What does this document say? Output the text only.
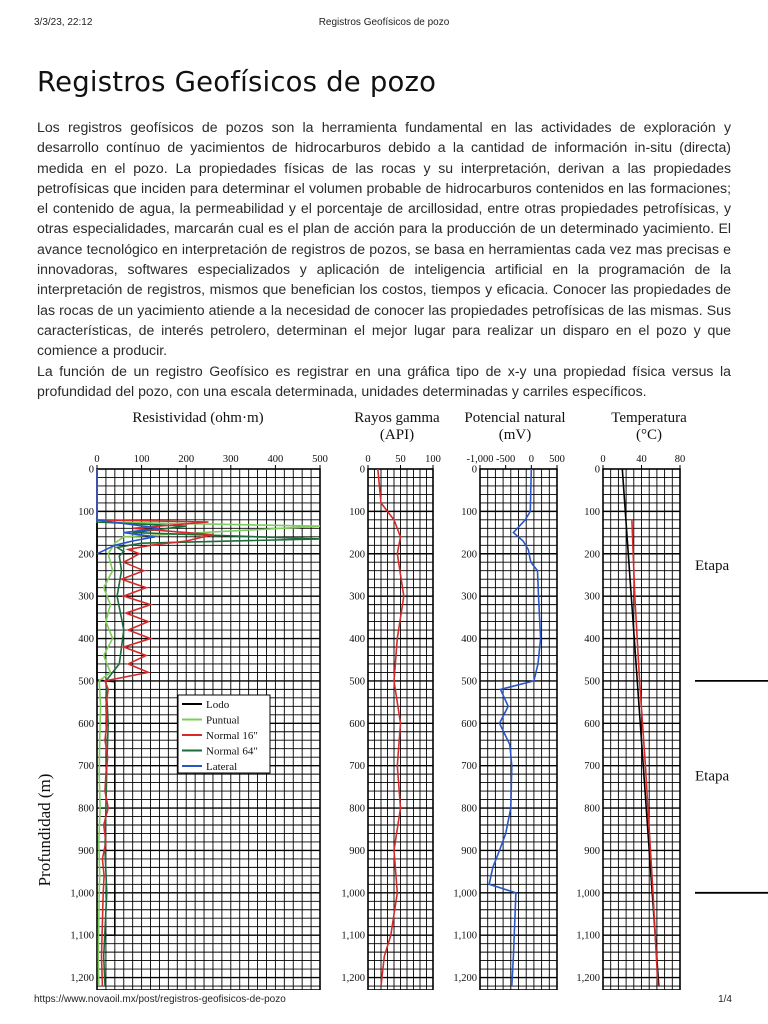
3/3/23, 22:12	Registros Geofísicos de pozo
Registros Geofísicos de pozo

Los registros geofísicos de pozos son la herramienta fundamental en las actividades de exploración y desarrollo contínuo de yacimientos de hidrocarburos debido a la cantidad de información in-situ (directa) medida en el pozo. La propiedades físicas de las rocas y su interpretación, derivan a las propiedades petrofísicas que inciden para determinar el volumen probable de hidrocarburos contenidos en las formaciones; el contenido de agua, la permeabilidad y el porcentaje de arcillosidad, entre otras propiedades petrofísicas, y otras especialidades, marcarán cual es el plan de acción para la producción de un determinado yacimiento. El avance tecnológico en interpretación de registros de pozos, se basa en herramientas cada vez mas precisas e innovadoras, softwares especializados y aplicación de inteligencia artificial en la programación de la interpretación de registros, mismos que benefician los costos, tiempos y eficacia. Conocer las propiedades de las rocas de un yacimiento atiende a la necesidad de conocer las propiedades petrofísicas de las mismas. Sus características, de interés petrolero, determinan el mejor lugar para realizar un disparo en el pozo y que comience a producir.

La función de un registro Geofísico es registrar en una gráfica tipo de x-y una propiedad física versus la profundidad del pozo, con una escala determinada, unidades determinadas y carriles específicos.

Profundidad (m)
Resistividad (ohm·m)
0	100	200	300	400	500
0
100
200
300
400
500
600
700
800
900
1,000
1,100
1,200
Lodo
Puntual
Normal 16"
Normal 64"
Lateral
Rayos gamma
(API)
0 50 100
0
100
200
300
400
500
600
700
800
900
1,000
1,100
1,200
Potencial natural
(mV)
-1,000 -500 0 500
0
100
200
300
400
500
600
700
800
900
1,000
1,100
1,200
Temperatura
(°C)
0	40	80
0
100
200
300
400
500
600
700
800
900
1,000
1,100
1,200
Etapa
Etapa
https://www.novaoil.mx/post/registros-geofisicos-de-pozo	1/4
